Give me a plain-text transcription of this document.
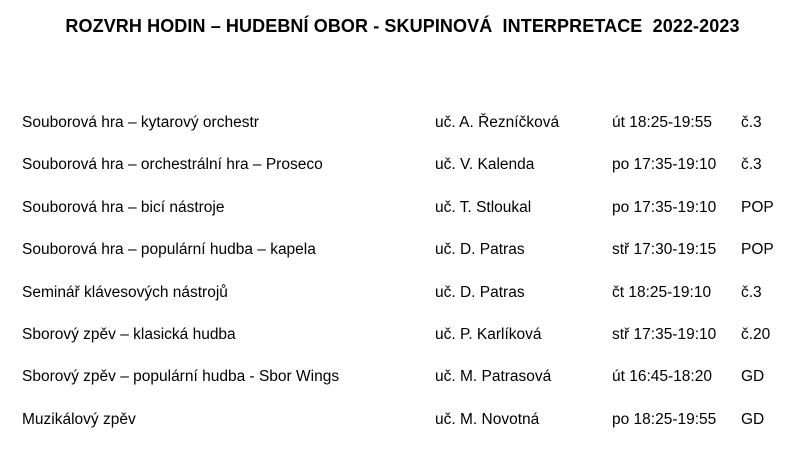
ROZVRH HODIN – HUDEBNÍ OBOR - SKUPINOVÁ  INTERPRETACE  2022-2023
Souborová hra – kytarový orchestr	uč. A. Řezníčková	út 18:25-19:55 č.3
Souborová hra – orchestrální hra – Proseco	uč. V. Kalenda	po 17:35-19:10 č.3
Souborová hra – bicí nástroje	uč. T. Stloukal	po 17:35-19:10 POP
Souborová hra – populární hudba – kapela	uč. D. Patras	stř 17:30-19:15 POP
Seminář klávesových nástrojů	uč. D. Patras	čt 18:25-19:10 č.3
Sborový zpěv – klasická hudba	uč. P. Karlíková	stř 17:35-19:10 č.20
Sborový zpěv – populární hudba - Sbor Wings	uč. M. Patrasová	út 16:45-18:20 GD
Muzikálový zpěv	uč. M. Novotná	po 18:25-19:55 GD
